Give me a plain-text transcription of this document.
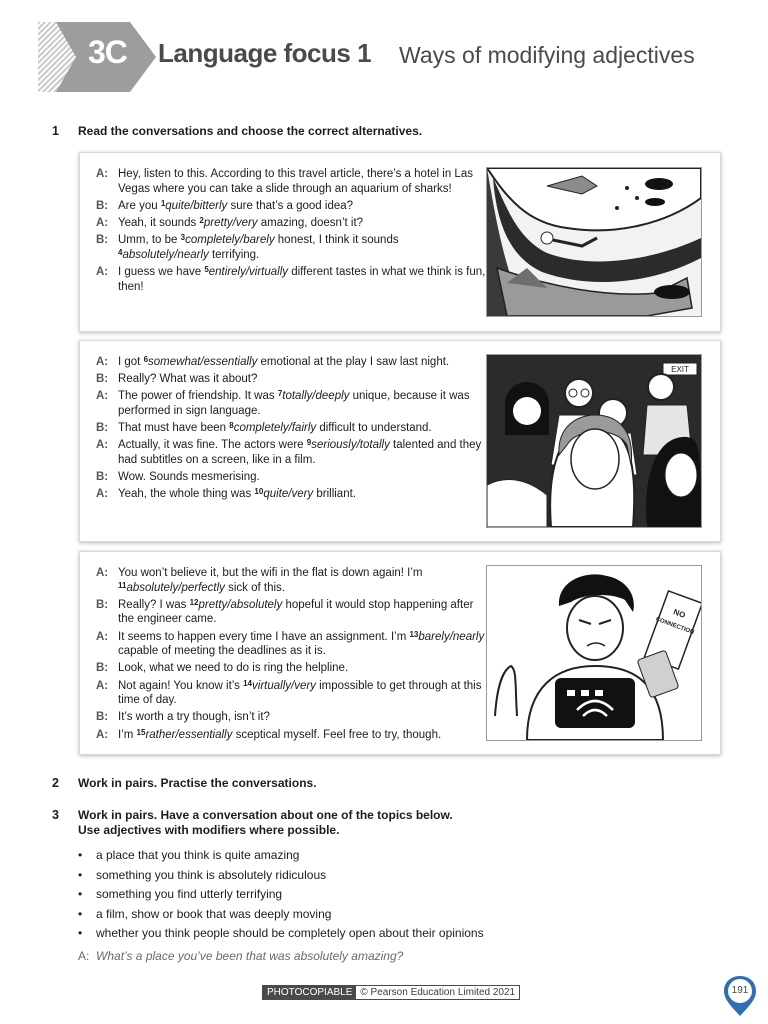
3C	Language focus 1 Ways of modifying adjectives
1 Read the conversations and choose the correct alternatives.
A: Hey, listen to this. According to this travel article, there’s a hotel in Las Vegas where you can take a slide through an aquarium of sharks!
B: Are you $^1$quite/bitterly sure that’s a good idea?
A: Yeah, it sounds $^2$pretty/very amazing, doesn’t it?
B: Umm, to be $^3$completely/barely honest, I think it sounds $^4$absolutely/nearly terrifying.
A: I guess we have $^5$entirely/virtually different tastes in what we think is fun, then!
A: I got $^6$somewhat/essentially emotional at the play I saw last night.
B: Really? What was it about?
A: The power of friendship. It was $^7$totally/deeply unique, because it was performed in sign language.
B: That must have been $^8$completely/fairly difficult to understand.
A: Actually, it was fine. The actors were $^9$seriously/totally talented and they had subtitles on a screen, like in a film.
B: Wow. Sounds mesmerising.
A: Yeah, the whole thing was $^{10}$quite/very brilliant.
EXIT
A: You won’t believe it, but the wifi in the flat is down again! I’m $^{11}$absolutely/perfectly sick of this.
B: Really? I was $^{12}$pretty/absolutely hopeful it would stop happening after the engineer came.
A: It seems to happen every time I have an assignment. I’m $^{13}$barely/nearly capable of meeting the deadlines as it is.
B: Look, what we need to do is ring the helpline.
A: Not again! You know it’s $^{14}$virtually/very impossible to get through at this time of day.
B: It’s worth a try though, isn’t it?
A: I’m $^{15}$rather/essentially sceptical myself. Feel free to try, though.
NO
CONNECTION
2 Work in pairs. Practise the conversations.
3 Work in pairs. Have a conversation about one of the topics below.
Use adjectives with modifiers where possible.
• a place that you think is quite amazing
• something you think is absolutely ridiculous
• something you find utterly terrifying
• a film, show or book that was deeply moving
• whether you think people should be completely open about their opinions
A: What’s a place you’ve been that was absolutely amazing?
PHOTOCOPIABLE © Pearson Education Limited 2021	191
